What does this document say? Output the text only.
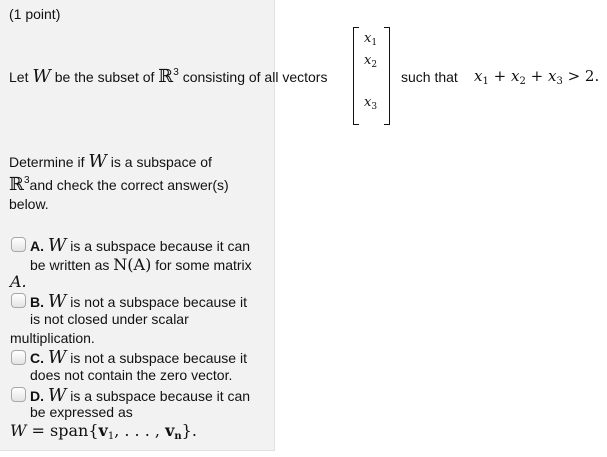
(1 point)
Let W be the subset of ℝ$^3$ consisting of all vectors
$x_1$
$x_2$
$x_3$
such that $x_1 + x_2 + x_3 > 2$.
Determine if W is a subspace of
ℝ$^3$and check the correct answer(s)
below.
A. W is a subspace because it can
be written as N(A) for some matrix
A.
B. W is not a subspace because it
is not closed under scalar
multiplication.
C. W is not a subspace because it
does not contain the zero vector.
D. W is a subspace because it can
be expressed as
W = span{v1, . . . , vn}.
